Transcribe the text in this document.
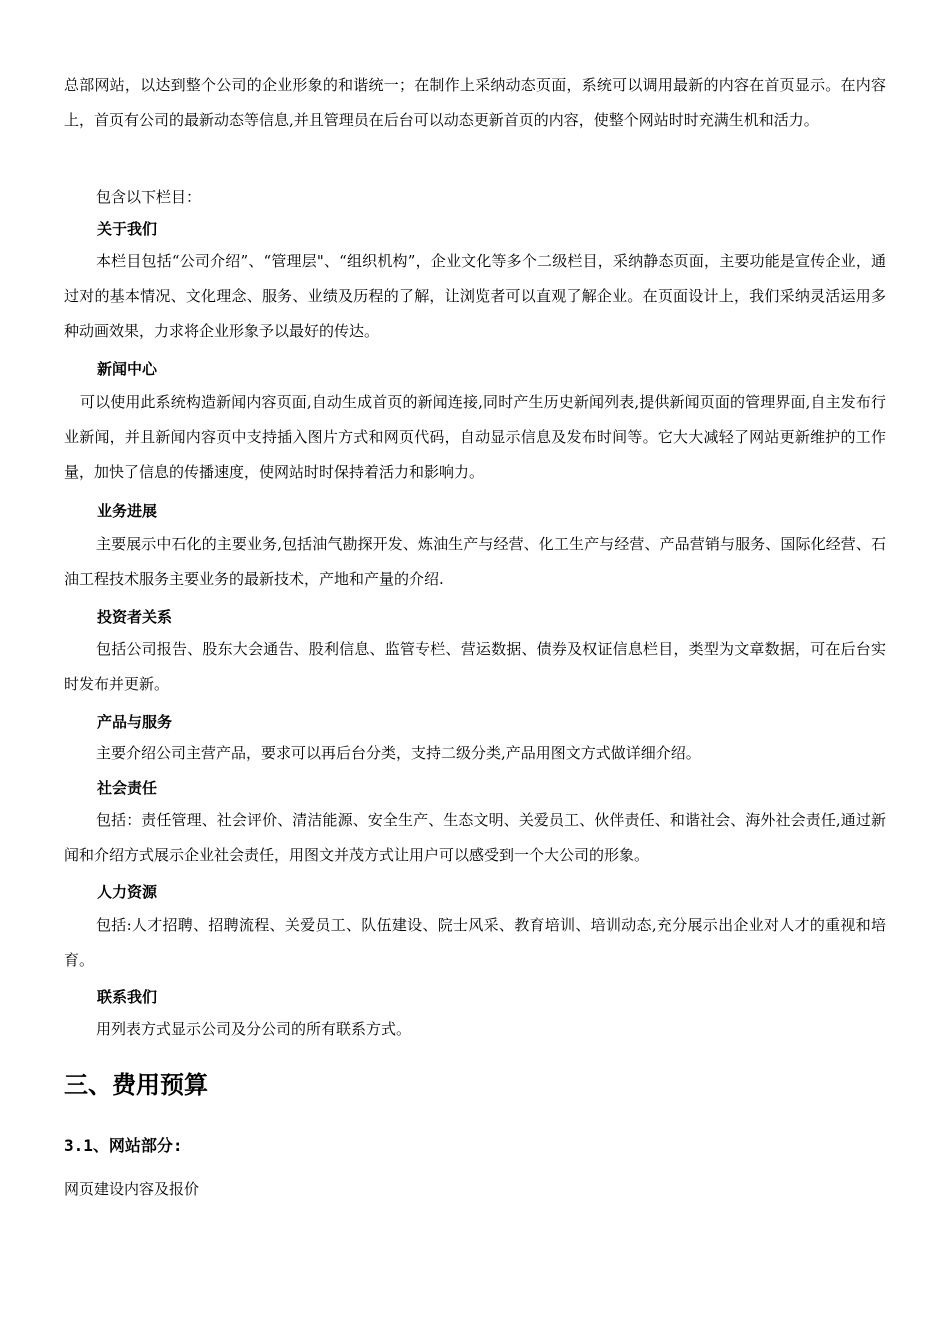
总部网站，以达到整个公司的企业形象的和谐统一；在制作上采纳动态页面，系统可以调用最新的内容在首页显示。在内容上，首页有公司的最新动态等信息,并且管理员在后台可以动态更新首页的内容，使整个网站时时充满生机和活力。

包含以下栏目：

关于我们

本栏目包括“公司介绍”、“管理层"、“组织机构”，企业文化等多个二级栏目，采纳静态页面，主要功能是宣传企业，通过对的基本情况、文化理念、服务、业绩及历程的了解，让浏览者可以直观了解企业。在页面设计上，我们采纳灵活运用多种动画效果，力求将企业形象予以最好的传达。

新闻中心

可以使用此系统构造新闻内容页面,自动生成首页的新闻连接,同时产生历史新闻列表,提供新闻页面的管理界面,自主发布行业新闻，并且新闻内容页中支持插入图片方式和网页代码，自动显示信息及发布时间等。它大大减轻了网站更新维护的工作量，加快了信息的传播速度，使网站时时保持着活力和影响力。

业务进展

主要展示中石化的主要业务,包括油气勘探开发、炼油生产与经营、化工生产与经营、产品营销与服务、国际化经营、石油工程技术服务主要业务的最新技术，产地和产量的介绍.

投资者关系

包括公司报告、股东大会通告、股利信息、监管专栏、营运数据、债券及权证信息栏目，类型为文章数据，可在后台实时发布并更新。

产品与服务

主要介绍公司主营产品，要求可以再后台分类，支持二级分类,产品用图文方式做详细介绍。

社会责任

包括：责任管理、社会评价、清洁能源、安全生产、生态文明、关爱员工、伙伴责任、和谐社会、海外社会责任,通过新闻和介绍方式展示企业社会责任，用图文并茂方式让用户可以感受到一个大公司的形象。

人力资源

包括:人才招聘、招聘流程、关爱员工、队伍建设、院士风采、教育培训、培训动态,充分展示出企业对人才的重视和培育。

联系我们

用列表方式显示公司及分公司的所有联系方式。

三、费用预算
3.1、网站部分:

网页建设内容及报价
